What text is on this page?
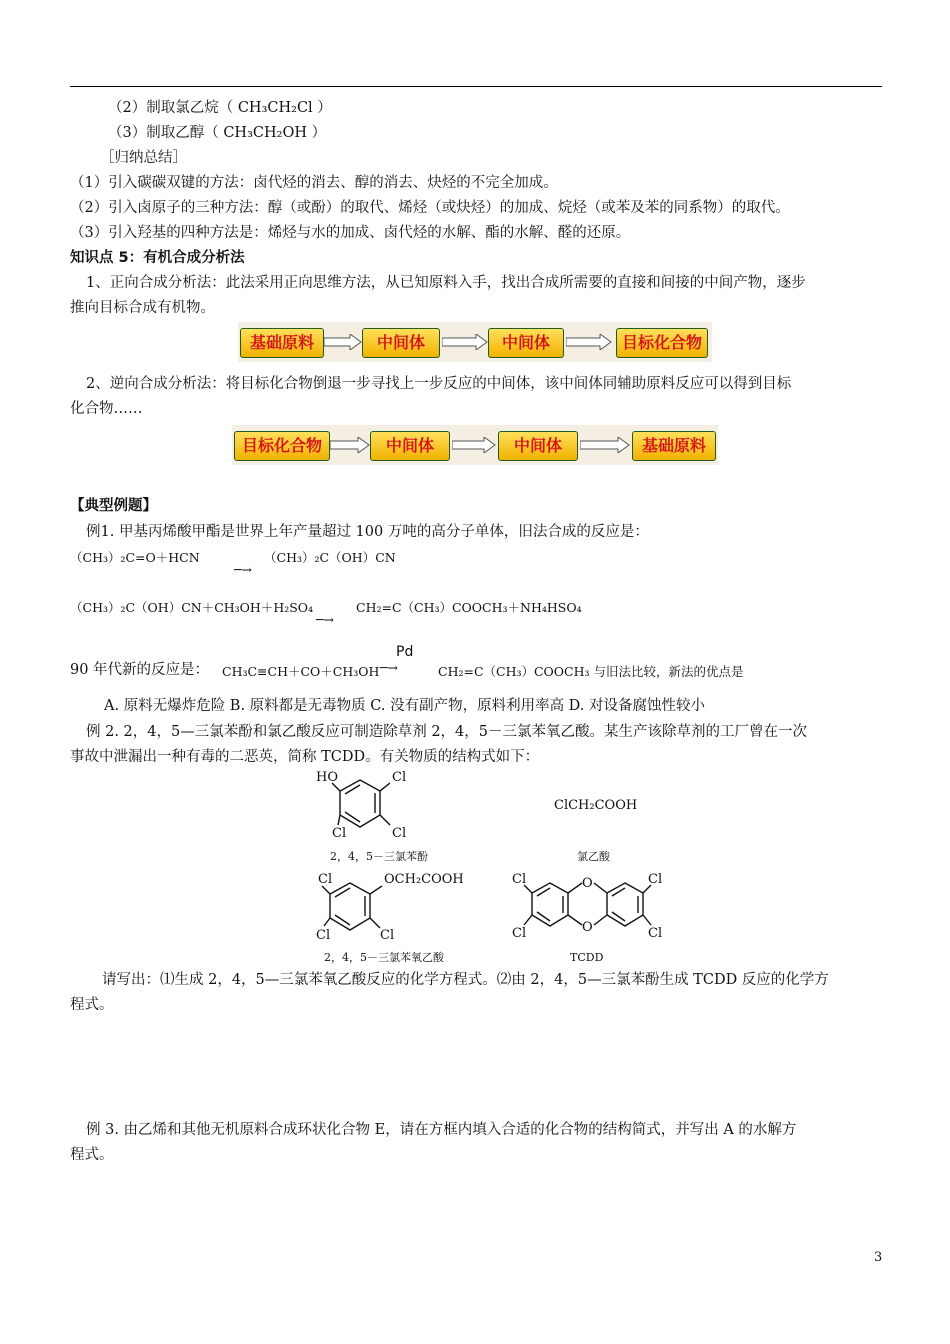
（2）制取氯乙烷（ CH₃CH₂Cl ）
（3）制取乙醇（ CH₃CH₂OH ）
［归纳总结］
（1）引入碳碳双键的方法：卤代烃的消去、醇的消去、炔烃的不完全加成。
（2）引入卤原子的三种方法：醇（或酚）的取代、烯烃（或炔烃）的加成、烷烃（或苯及苯的同系物）的取代。
（3）引入羟基的四种方法是：烯烃与水的加成、卤代烃的水解、酯的水解、醛的还原。
知识点 5：有机合成分析法
1、正向合成分析法：此法采用正向思维方法，从已知原料入手，找出合成所需要的直接和间接的中间产物，逐步
推向目标合成有机物。
基础原料	中间体	中间体	目标化合物
2、逆向合成分析法：将目标化合物倒退一步寻找上一步反应的中间体，该中间体同辅助原料反应可以得到目标
化合物……
目标化合物	中间体	中间体	基础原料
【典型例题】
例1. 甲基丙烯酸甲酯是世界上年产量超过 100 万吨的高分子单体，旧法合成的反应是：
（CH₃）₂C=O＋HCN
─→
（CH₃）₂C（OH）CN
（CH₃）₂C（OH）CN＋CH₃OH＋H₂SO₄
─→
CH₂=C（CH₃）COOCH₃＋NH₄HSO₄
90 年代新的反应是： CH₃C≡CH＋CO＋CH₃OH
Pd
─→	CH₂=C（CH₃）COOCH₃ 与旧法比较，新法的优点是
A. 原料无爆炸危险 B. 原料都是无毒物质 C. 没有副产物，原料利用率高 D. 对设备腐蚀性较小
例 2. 2，4，5—三氯苯酚和氯乙酸反应可制造除草剂 2，4，5－三氯苯氧乙酸。某生产该除草剂的工厂曾在一次
事故中泄漏出一种有毒的二恶英，简称 TCDD。有关物质的结构式如下：
HO	Cl
Cl	Cl
2，4，5－三氯苯酚
ClCH₂COOH
氯乙酸
Cl	OCH₂COOH
Cl	Cl
2，4，5－三氯苯氧乙酸
Cl
Cl
O
O
Cl
Cl
TCDD
请写出：⑴生成 2，4，5—三氯苯氧乙酸反应的化学方程式。⑵由 2，4，5—三氯苯酚生成 TCDD 反应的化学方
程式。
例 3. 由乙烯和其他无机原料合成环状化合物 E，请在方框内填入合适的化合物的结构简式，并写出 A 的水解方
程式。
3
